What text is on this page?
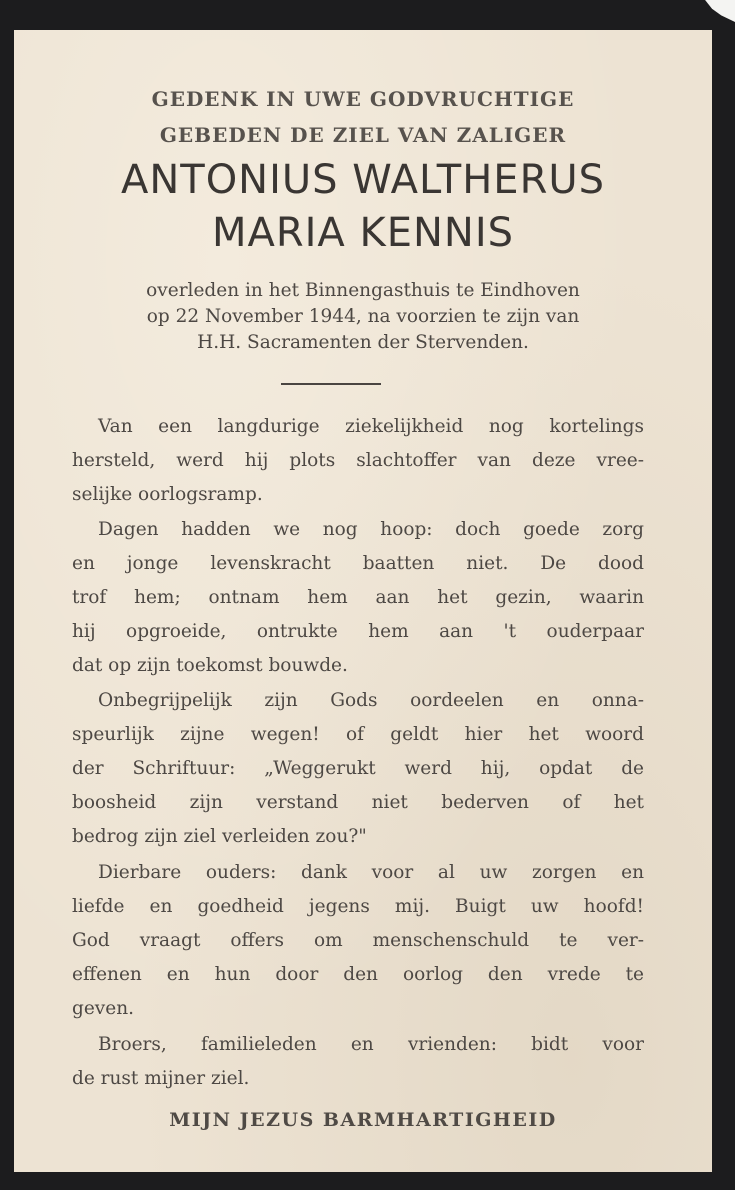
GEDENK IN UWE GODVRUCHTIGE
GEBEDEN DE ZIEL VAN ZALIGER
ANTONIUS WALTHERUS
MARIA KENNIS
overleden in het Binnengasthuis te Eindhoven
op 22 November 1944, na voorzien te zijn van
H.H. Sacramenten der Stervenden.
Van een langdurige ziekelijkheid nog kortelings
hersteld, werd hij plots slachtoffer van deze vree-
selijke oorlogsramp.
Dagen hadden we nog hoop: doch goede zorg
en jonge levenskracht baatten niet. De dood
trof hem; ontnam hem aan het gezin, waarin
hij opgroeide, ontrukte hem aan 't ouderpaar
dat op zijn toekomst bouwde.
Onbegrijpelijk zijn Gods oordeelen en onna-
speurlijk zijne wegen! of geldt hier het woord
der Schriftuur: „Weggerukt werd hij, opdat de
boosheid zijn verstand niet bederven of het
bedrog zijn ziel verleiden zou?"
Dierbare ouders: dank voor al uw zorgen en
liefde en goedheid jegens mij. Buigt uw hoofd!
God vraagt offers om menschenschuld te ver-
effenen en hun door den oorlog den vrede te
geven.
Broers, familieleden en vrienden: bidt voor
de rust mijner ziel.
MIJN JEZUS BARMHARTIGHEID
